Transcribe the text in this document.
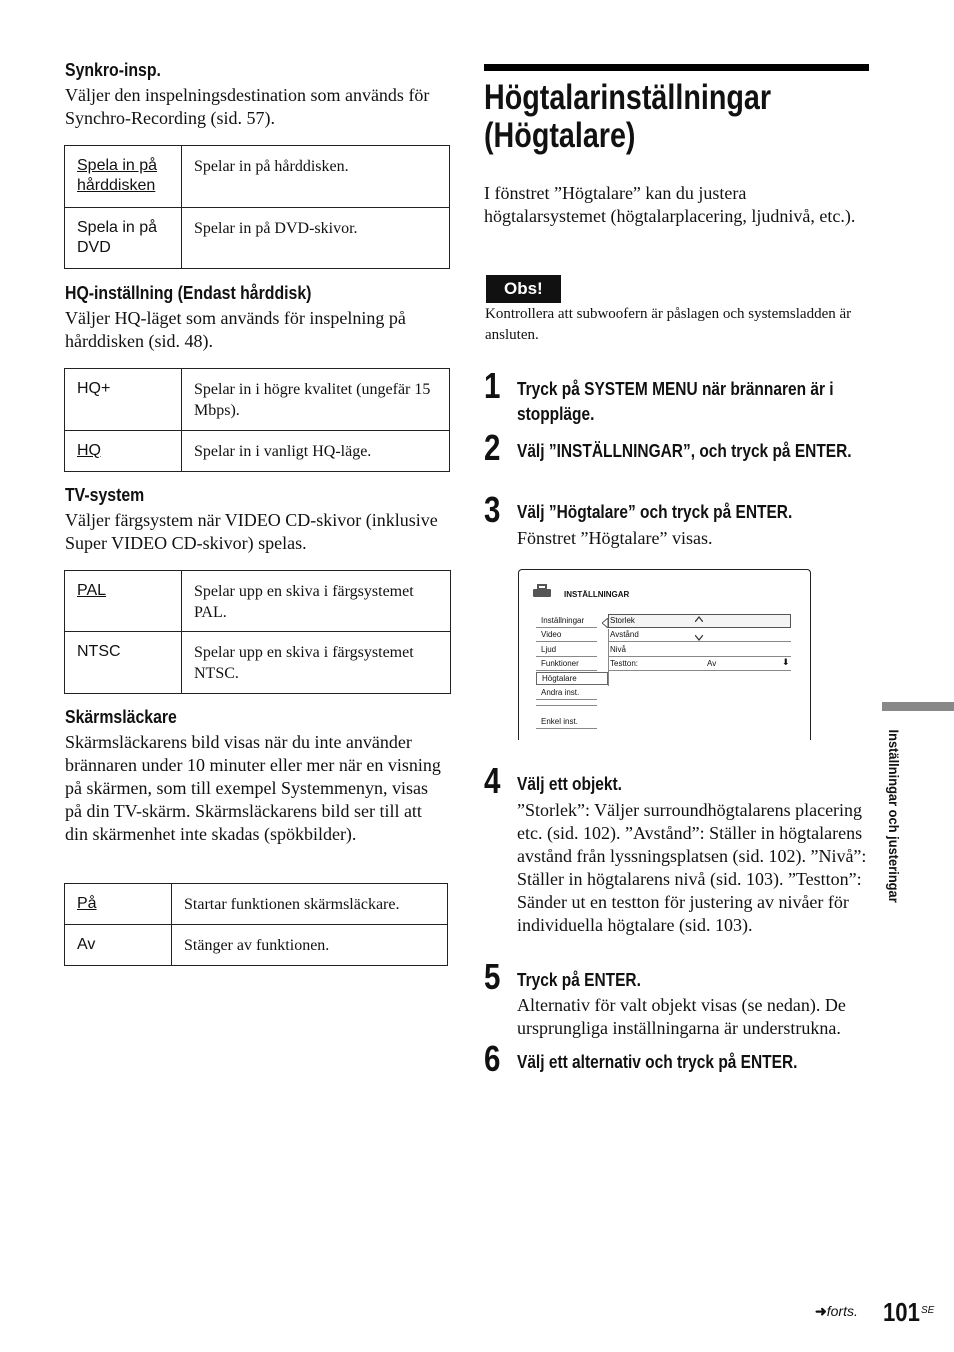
Synkro-insp.
Väljer den inspelningsdestination som används för Synchro-Recording (sid. 57).
Spela in på hårddisken	Spelar in på hårddisken.
Spela in på DVD	Spelar in på DVD-skivor.
HQ-inställning (Endast hårddisk)
Väljer HQ-läget som används för inspelning på hårddisken (sid. 48).
HQ+	Spelar in i högre kvalitet (ungefär 15 Mbps).
HQ	Spelar in i vanligt HQ-läge.
TV-system
Väljer färgsystem när VIDEO CD-skivor (inklusive Super VIDEO CD-skivor) spelas.
PAL	Spelar upp en skiva i färgsystemet PAL.
NTSC	Spelar upp en skiva i färgsystemet NTSC.
Skärmsläckare
Skärmsläckarens bild visas när du inte använder brännaren under 10 minuter eller mer när en visning på skärmen, som till exempel Systemmenyn, visas på din TV-skärm. Skärmsläckarens bild ser till att din skärmenhet inte skadas (spökbilder).
På	Startar funktionen skärmsläckare.
Av	Stänger av funktionen.
Högtalarinställningar
(Högtalare)
I fönstret ”Högtalare” kan du justera högtalarsystemet (högtalarplacering, ljudnivå, etc.).
Obs!
Kontrollera att subwoofern är påslagen och systemsladden är ansluten.
1 Tryck på SYSTEM MENU när brännaren är i stoppläge.
2 Välj ”INSTÄLLNINGAR”, och tryck på ENTER.
3 Välj ”Högtalare” och tryck på ENTER.
Fönstret ”Högtalare” visas.
INSTÄLLNINGAR
Inställningar
Video
Ljud
Funktioner
Högtalare
Andra inst.
Enkel inst.
Storlek
Avstånd
Nivå
Testton:	Av	⬇
4 Välj ett objekt.
”Storlek”: Väljer surroundhögtalarens placering etc. (sid. 102). ”Avstånd”: Ställer in högtalarens avstånd från lyssningsplatsen (sid. 102). ”Nivå”: Ställer in högtalarens nivå (sid. 103). ”Testton”: Sänder ut en testton för justering av nivåer för individuella högtalare (sid. 103).
5 Tryck på ENTER.
Alternativ för valt objekt visas (se nedan). De ursprungliga inställningarna är understrukna.
6 Välj ett alternativ och tryck på ENTER.
Inställningar och justeringar
➜forts. 101 SE
